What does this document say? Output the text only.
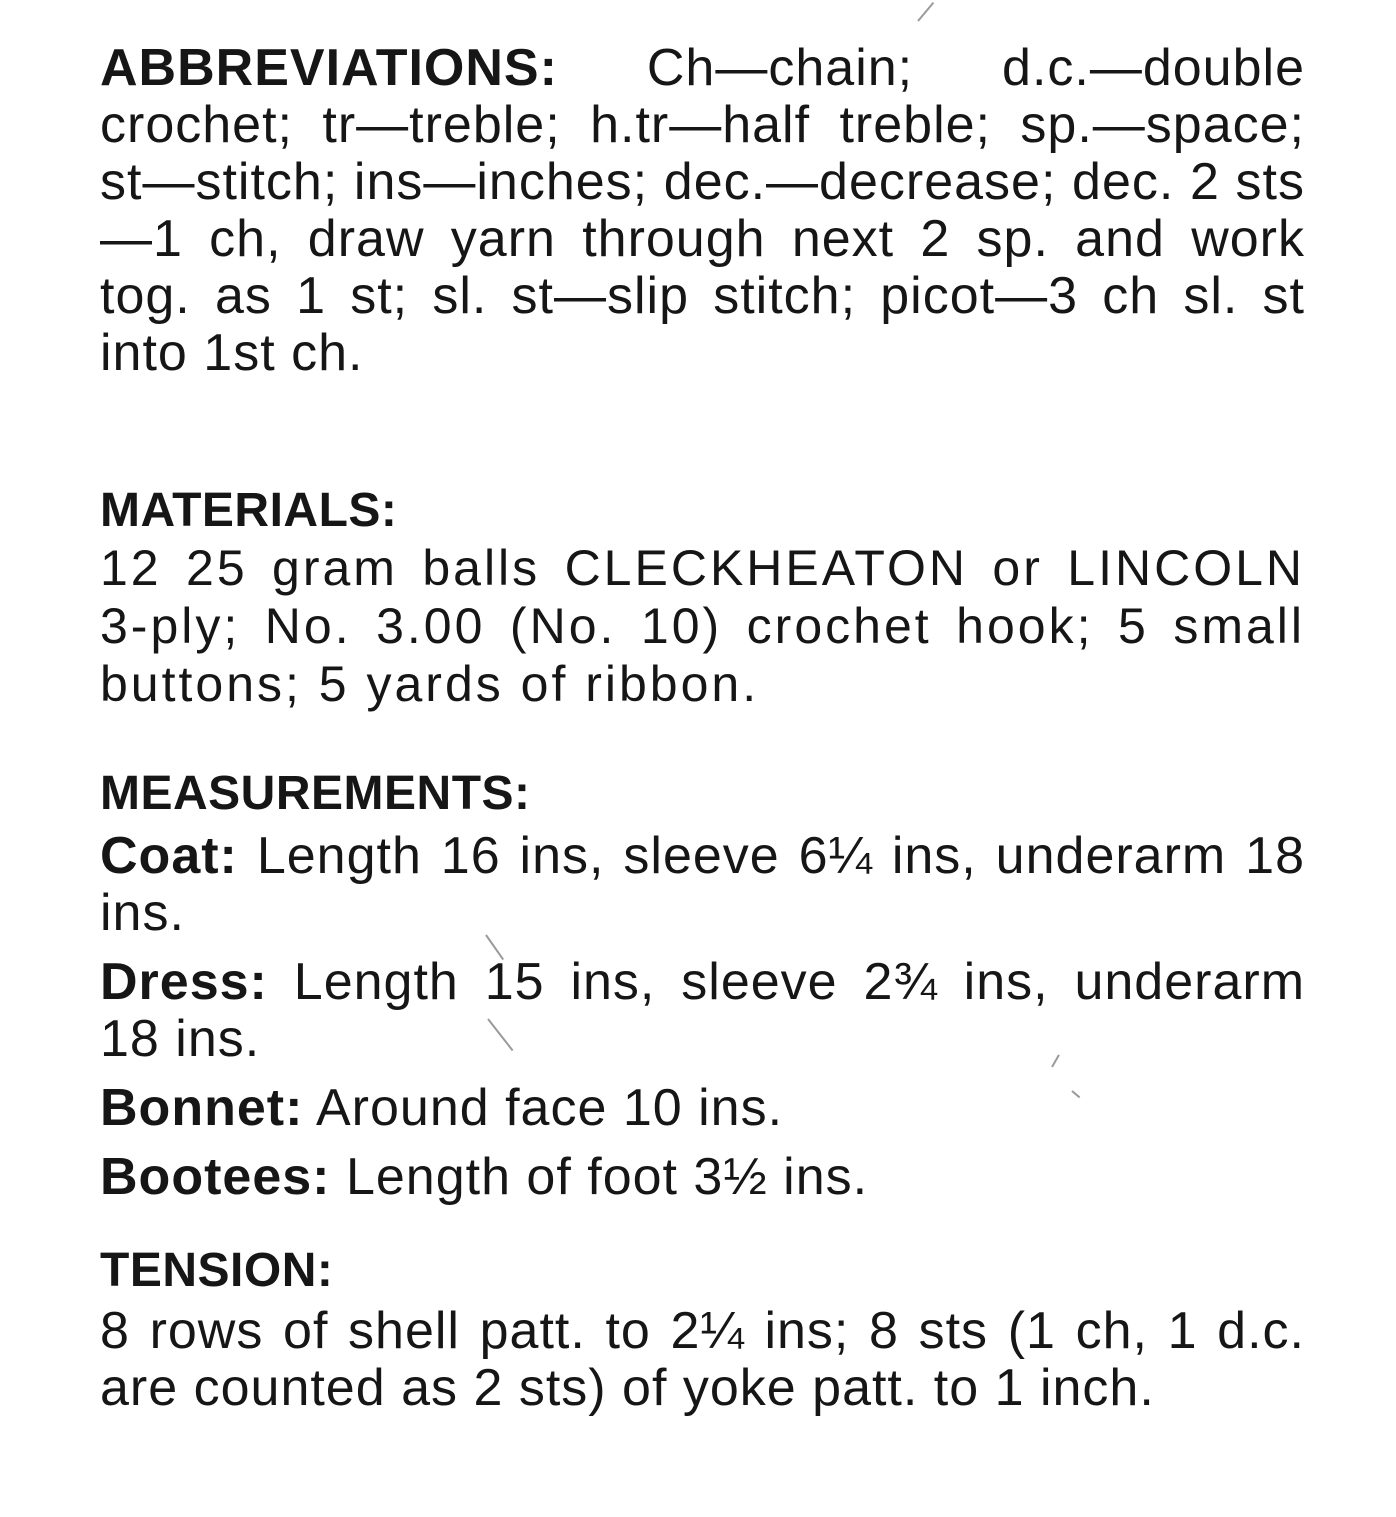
ABBREVIATIONS: Ch—chain; d.c.—double crochet; tr—treble; h.tr—half treble; sp.—space; st—stitch; ins—inches; dec.—decrease; dec. 2 sts—1 ch, draw yarn through next 2 sp. and work tog. as 1 st; sl. st—slip stitch; picot—3 ch sl. st into 1st ch.

MATERIALS:

12 25 gram balls CLECKHEATON or LINCOLN 3-ply; No. 3.00 (No. 10) crochet hook; 5 small buttons; 5 yards of ribbon.

MEASUREMENTS:

Coat: Length 16 ins, sleeve 6¼ ins, underarm 18 ins.

Dress: Length 15 ins, sleeve 2¾ ins, underarm 18 ins.

Bonnet: Around face 10 ins.

Bootees: Length of foot 3½ ins.

TENSION:

8 rows of shell patt. to 2¼ ins; 8 sts (1 ch, 1 d.c. are counted as 2 sts) of yoke patt. to 1 inch.
